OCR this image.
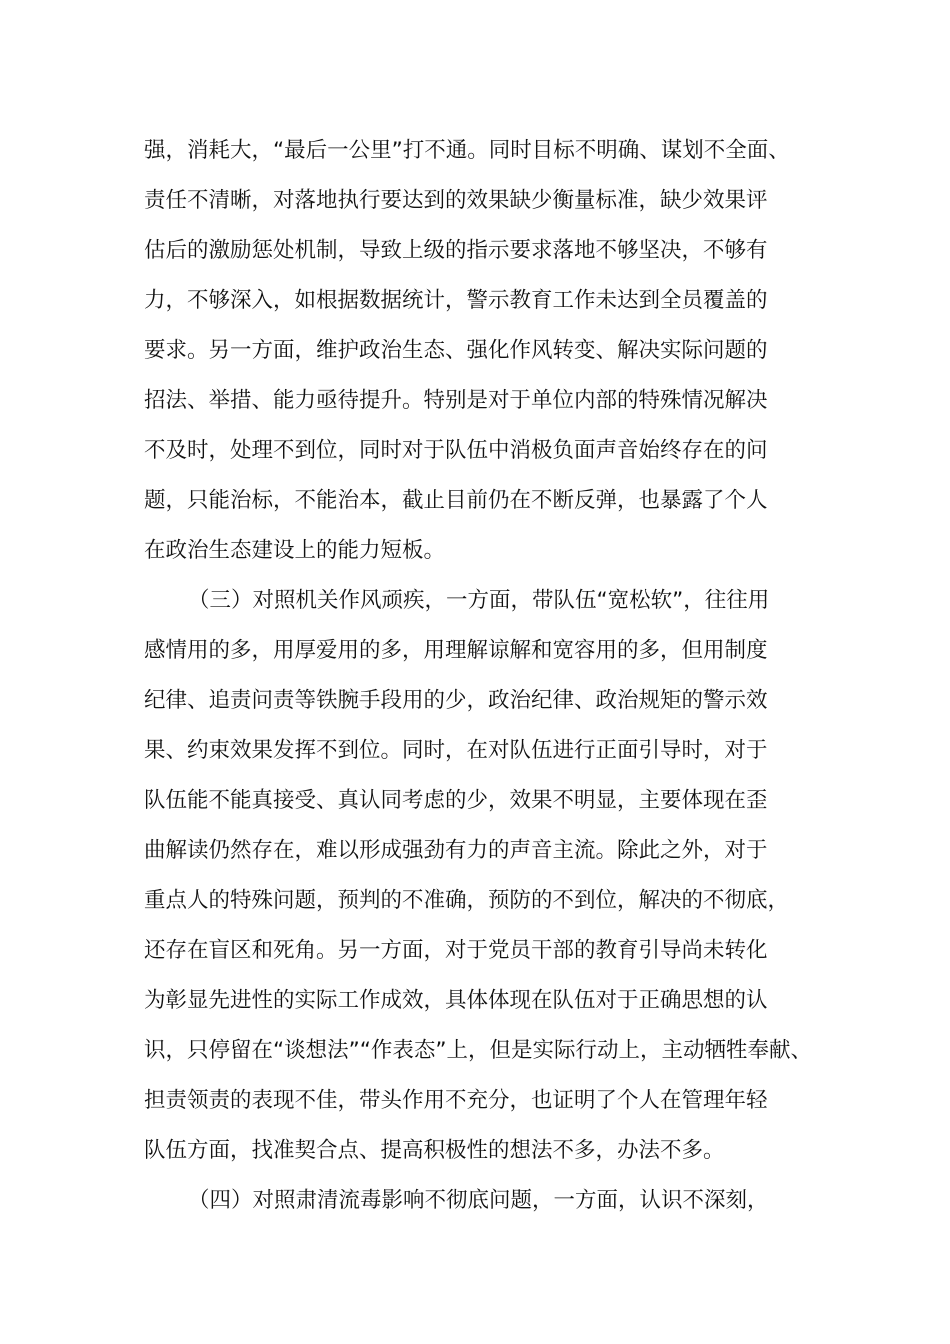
强，消耗大，“最后一公里”打不通。同时目标不明确、谋划不全面、
责任不清晰，对落地执行要达到的效果缺少衡量标准，缺少效果评
估后的激励惩处机制，导致上级的指示要求落地不够坚决，不够有
力，不够深入，如根据数据统计，警示教育工作未达到全员覆盖的
要求。另一方面，维护政治生态、强化作风转变、解决实际问题的
招法、举措、能力亟待提升。特别是对于单位内部的特殊情况解决
不及时，处理不到位，同时对于队伍中消极负面声音始终存在的问
题，只能治标，不能治本，截止目前仍在不断反弹，也暴露了个人
在政治生态建设上的能力短板。
（三）对照机关作风顽疾，一方面，带队伍“宽松软”，往往用
感情用的多，用厚爱用的多，用理解谅解和宽容用的多，但用制度
纪律、追责问责等铁腕手段用的少，政治纪律、政治规矩的警示效
果、约束效果发挥不到位。同时，在对队伍进行正面引导时，对于
队伍能不能真接受、真认同考虑的少，效果不明显，主要体现在歪
曲解读仍然存在，难以形成强劲有力的声音主流。除此之外，对于
重点人的特殊问题，预判的不准确，预防的不到位，解决的不彻底，
还存在盲区和死角。另一方面，对于党员干部的教育引导尚未转化
为彰显先进性的实际工作成效，具体体现在队伍对于正确思想的认
识，只停留在“谈想法”“作表态”上，但是实际行动上，主动牺牲奉献、
担责领责的表现不佳，带头作用不充分，也证明了个人在管理年轻
队伍方面，找准契合点、提高积极性的想法不多，办法不多。
（四）对照肃清流毒影响不彻底问题，一方面，认识不深刻，
